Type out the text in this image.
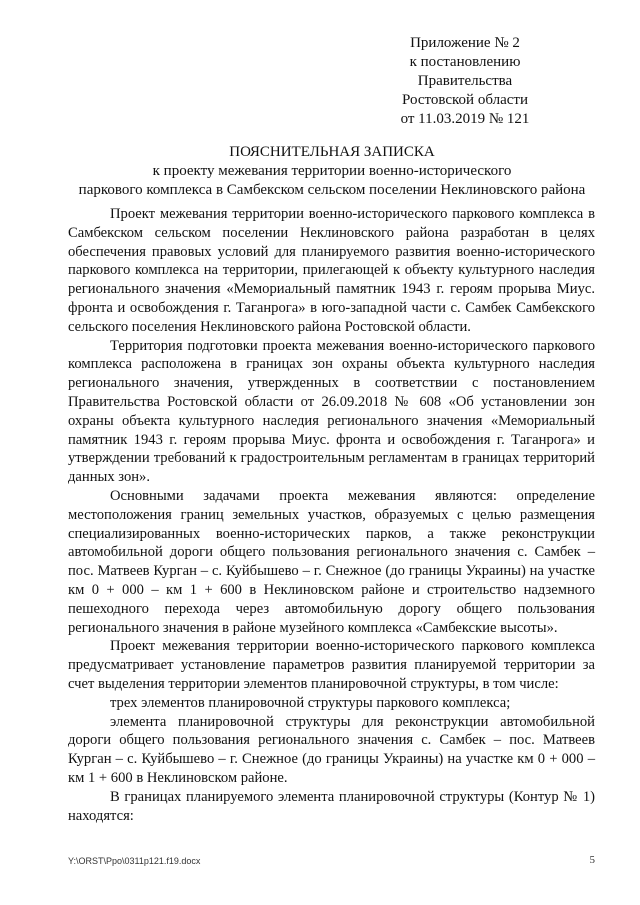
Приложение № 2
к постановлению
Правительства
Ростовской области
от 11.03.2019 № 121
ПОЯСНИТЕЛЬНАЯ ЗАПИСКА
к проекту межевания территории военно-исторического
паркового комплекса в Самбекском сельском поселении Неклиновского района

Проект межевания территории военно-исторического паркового комплекса в Самбекском сельском поселении Неклиновского района разработан в целях обеспечения правовых условий для планируемого развития военно-исторического паркового комплекса на территории, прилегающей к объекту культурного наследия регионального значения «Мемориальный памятник 1943 г. героям прорыва Миус. фронта и освобождения г. Таганрога» в юго-западной части с. Самбек Самбекского сельского поселения Неклиновского района Ростовской области.

Территория подготовки проекта межевания военно-исторического паркового комплекса расположена в границах зон охраны объекта культурного наследия регионального значения, утвержденных в соответствии с постановлением Правительства Ростовской области от 26.09.2018 № 608 «Об установлении зон охраны объекта культурного наследия регионального значения «Мемориальный памятник 1943 г. героям прорыва Миус. фронта и освобождения г. Таганрога» и утверждении требований к градостроительным регламентам в границах территорий данных зон».

Основными задачами проекта межевания являются: определение местоположения границ земельных участков, образуемых с целью размещения специализированных военно-исторических парков, а также реконструкции автомобильной дороги общего пользования регионального значения с. Самбек – пос. Матвеев Курган – с. Куйбышево – г. Снежное (до границы Украины) на участке км 0 + 000 – км 1 + 600 в Неклиновском районе и строительство надземного пешеходного перехода через автомобильную дорогу общего пользования регионального значения в районе музейного комплекса «Самбекские высоты».

Проект межевания территории военно-исторического паркового комплекса предусматривает установление параметров развития планируемой территории за счет выделения территории элементов планировочной структуры, в том числе:

трех элементов планировочной структуры паркового комплекса;

элемента планировочной структуры для реконструкции автомобильной дороги общего пользования регионального значения с. Самбек – пос. Матвеев Курган – с. Куйбышево – г. Снежное (до границы Украины) на участке км 0 + 000 – км 1 + 600 в Неклиновском районе.

В границах планируемого элемента планировочной структуры (Контур № 1) находятся:

Y:\ORST\Ppo\0311p121.f19.docx	5
